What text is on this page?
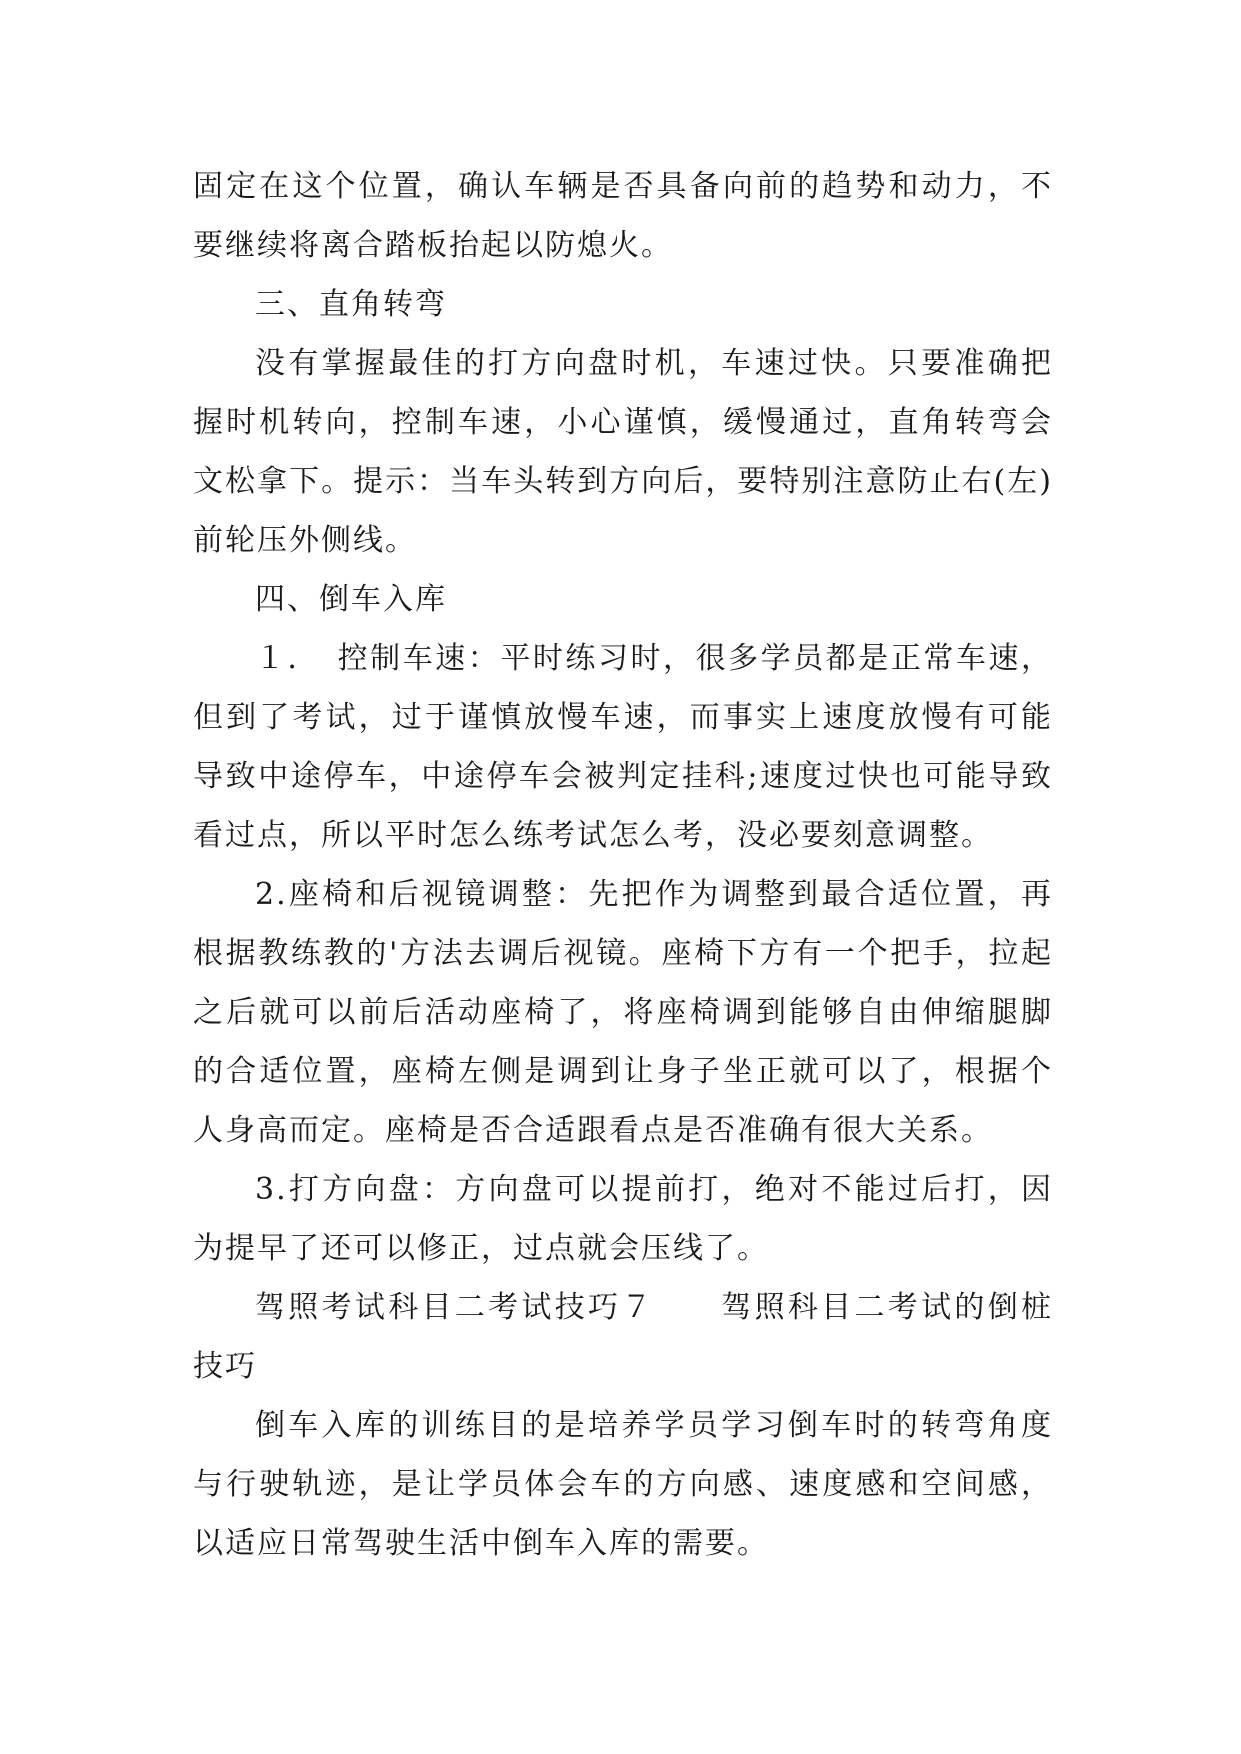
固定在这个位置，确认车辆是否具备向前的趋势和动力，不要继续将离合踏板抬起以防熄火。

三、直角转弯

没有掌握最佳的打方向盘时机，车速过快。只要准确把握时机转向，控制车速，小心谨慎，缓慢通过，直角转弯会文松拿下。提示：当车头转到方向后，要特别注意防止右(左)前轮压外侧线。

四、倒车入库

１．　控制车速：平时练习时，很多学员都是正常车速，但到了考试，过于谨慎放慢车速，而事实上速度放慢有可能导致中途停车，中途停车会被判定挂科;速度过快也可能导致看过点，所以平时怎么练考试怎么考，没必要刻意调整。

2.座椅和后视镜调整：先把作为调整到最合适位置，再根据教练教的'方法去调后视镜。座椅下方有一个把手，拉起之后就可以前后活动座椅了，将座椅调到能够自由伸缩腿脚的合适位置，座椅左侧是调到让身子坐正就可以了，根据个人身高而定。座椅是否合适跟看点是否准确有很大关系。

3.打方向盘：方向盘可以提前打，绝对不能过后打，因为提早了还可以修正，过点就会压线了。

驾照考试科目二考试技巧７　　驾照科目二考试的倒桩技巧

倒车入库的训练目的是培养学员学习倒车时的转弯角度与行驶轨迹，是让学员体会车的方向感、速度感和空间感，以适应日常驾驶生活中倒车入库的需要。
